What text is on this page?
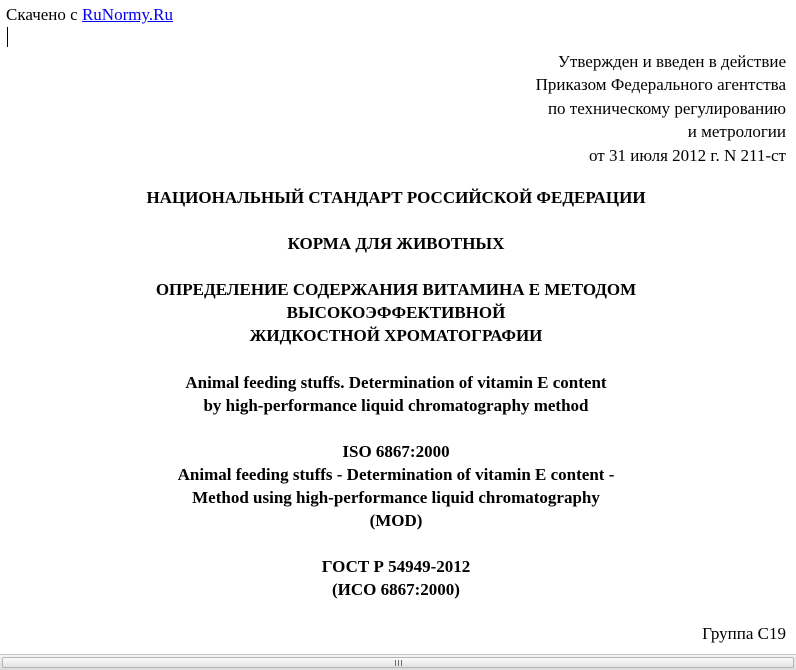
Скачено с RuNormy.Ru
Утвержден и введен в действие
Приказом Федерального агентства
по техническому регулированию
и метрологии
от 31 июля 2012 г. N 211-ст
НАЦИОНАЛЬНЫЙ СТАНДАРТ РОССИЙСКОЙ ФЕДЕРАЦИИ
КОРМА ДЛЯ ЖИВОТНЫХ
ОПРЕДЕЛЕНИЕ СОДЕРЖАНИЯ ВИТАМИНА Е МЕТОДОМ
ВЫСОКОЭФФЕКТИВНОЙ
ЖИДКОСТНОЙ ХРОМАТОГРАФИИ
Animal feeding stuffs. Determination of vitamin E content
by high-performance liquid chromatography method
ISO 6867:2000
Animal feeding stuffs - Determination of vitamin E content -
Method using high-performance liquid chromatography
(MOD)
ГОСТ Р 54949-2012
(ИСО 6867:2000)
Группа С19
